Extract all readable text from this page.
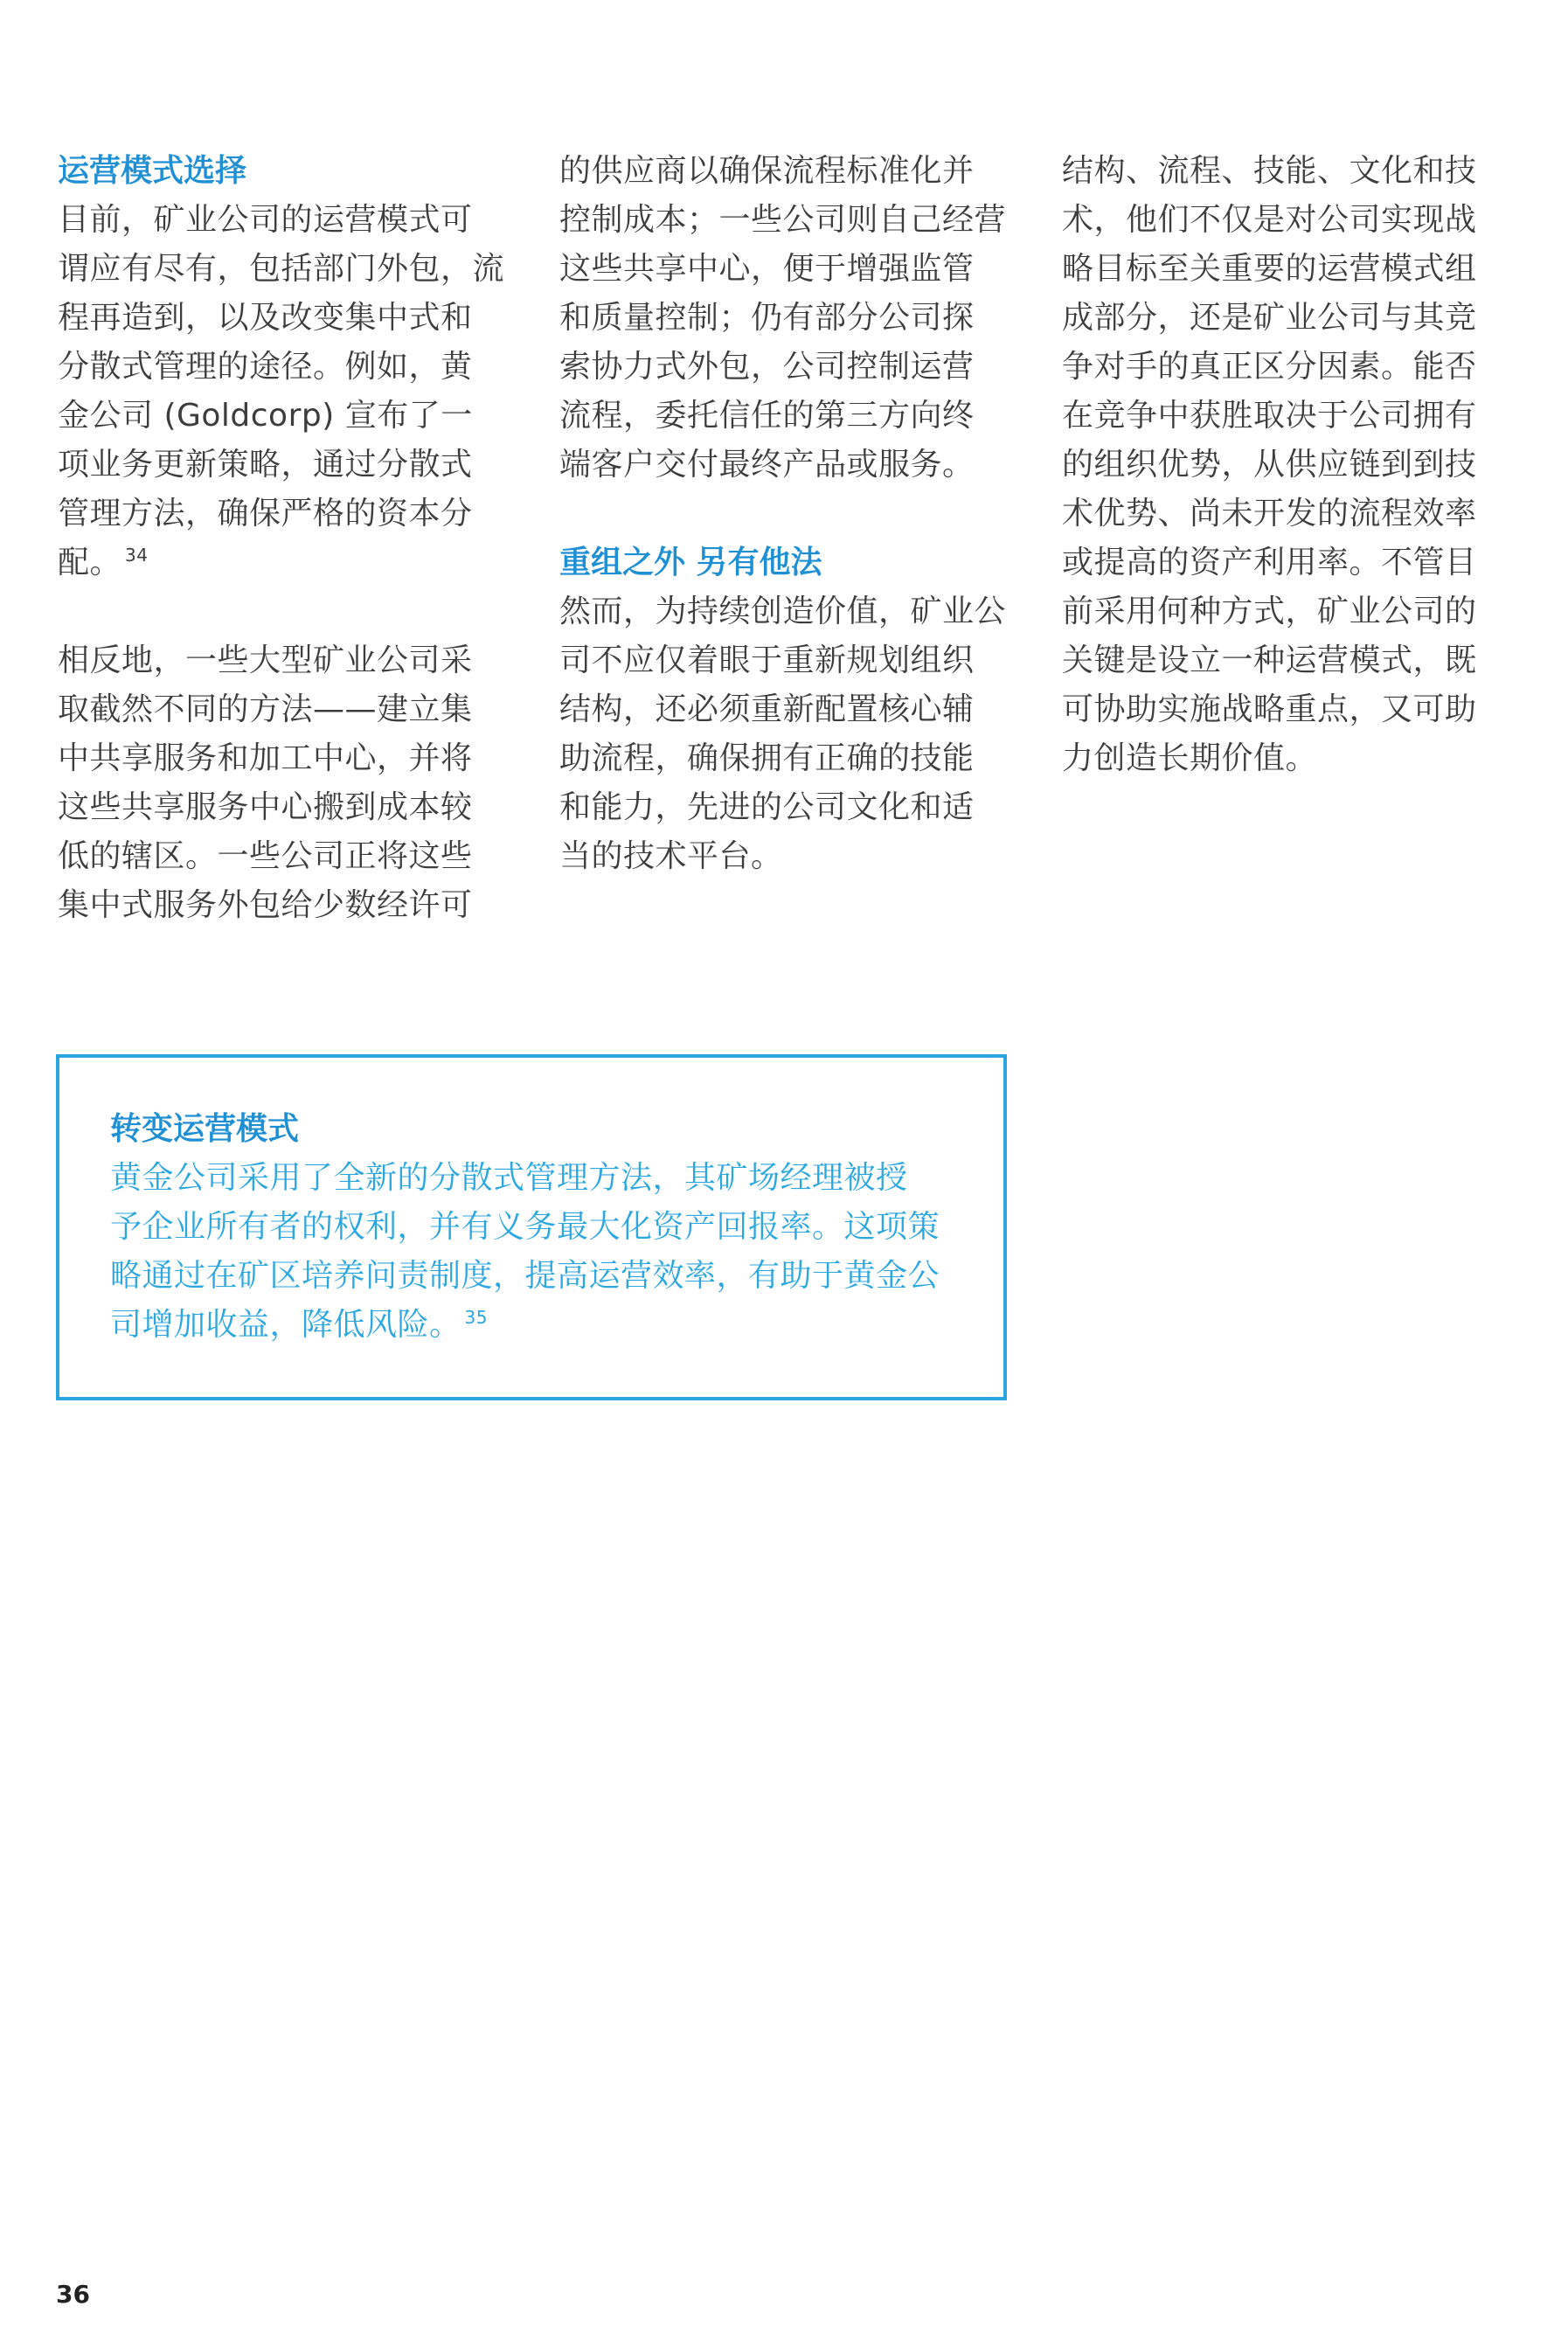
运营模式选择
目前，矿业公司的运营模式可
谓应有尽有，包括部门外包，流
程再造到，以及改变集中式和
分散式管理的途径。例如，黄
金公司 (Goldcorp) 宣布了一
项业务更新策略，通过分散式
管理方法，确保严格的资本分
配。 $^{34}$
相反地，一些大型矿业公司采
取截然不同的方法——建立集
中共享服务和加工中心，并将
这些共享服务中心搬到成本较
低的辖区。一些公司正将这些
集中式服务外包给少数经许可
的供应商以确保流程标准化并
控制成本；一些公司则自己经营
这些共享中心，便于增强监管
和质量控制；仍有部分公司探
索协力式外包，公司控制运营
流程，委托信任的第三方向终
端客户交付最终产品或服务。
重组之外 另有他法
然而，为持续创造价值，矿业公
司不应仅着眼于重新规划组织
结构，还必须重新配置核心辅
助流程，确保拥有正确的技能
和能力，先进的公司文化和适
当的技术平台。
结构、流程、技能、文化和技
术，他们不仅是对公司实现战
略目标至关重要的运营模式组
成部分，还是矿业公司与其竞
争对手的真正区分因素。能否
在竞争中获胜取决于公司拥有
的组织优势，从供应链到到技
术优势、尚未开发的流程效率
或提高的资产利用率。不管目
前采用何种方式，矿业公司的
关键是设立一种运营模式，既
可协助实施战略重点，又可助
力创造长期价值。
转变运营模式
黄金公司采用了全新的分散式管理方法，其矿场经理被授
予企业所有者的权利，并有义务最大化资产回报率。这项策
略通过在矿区培养问责制度，提高运营效率，有助于黄金公
司增加收益，降低风险。 $^{35}$
36
